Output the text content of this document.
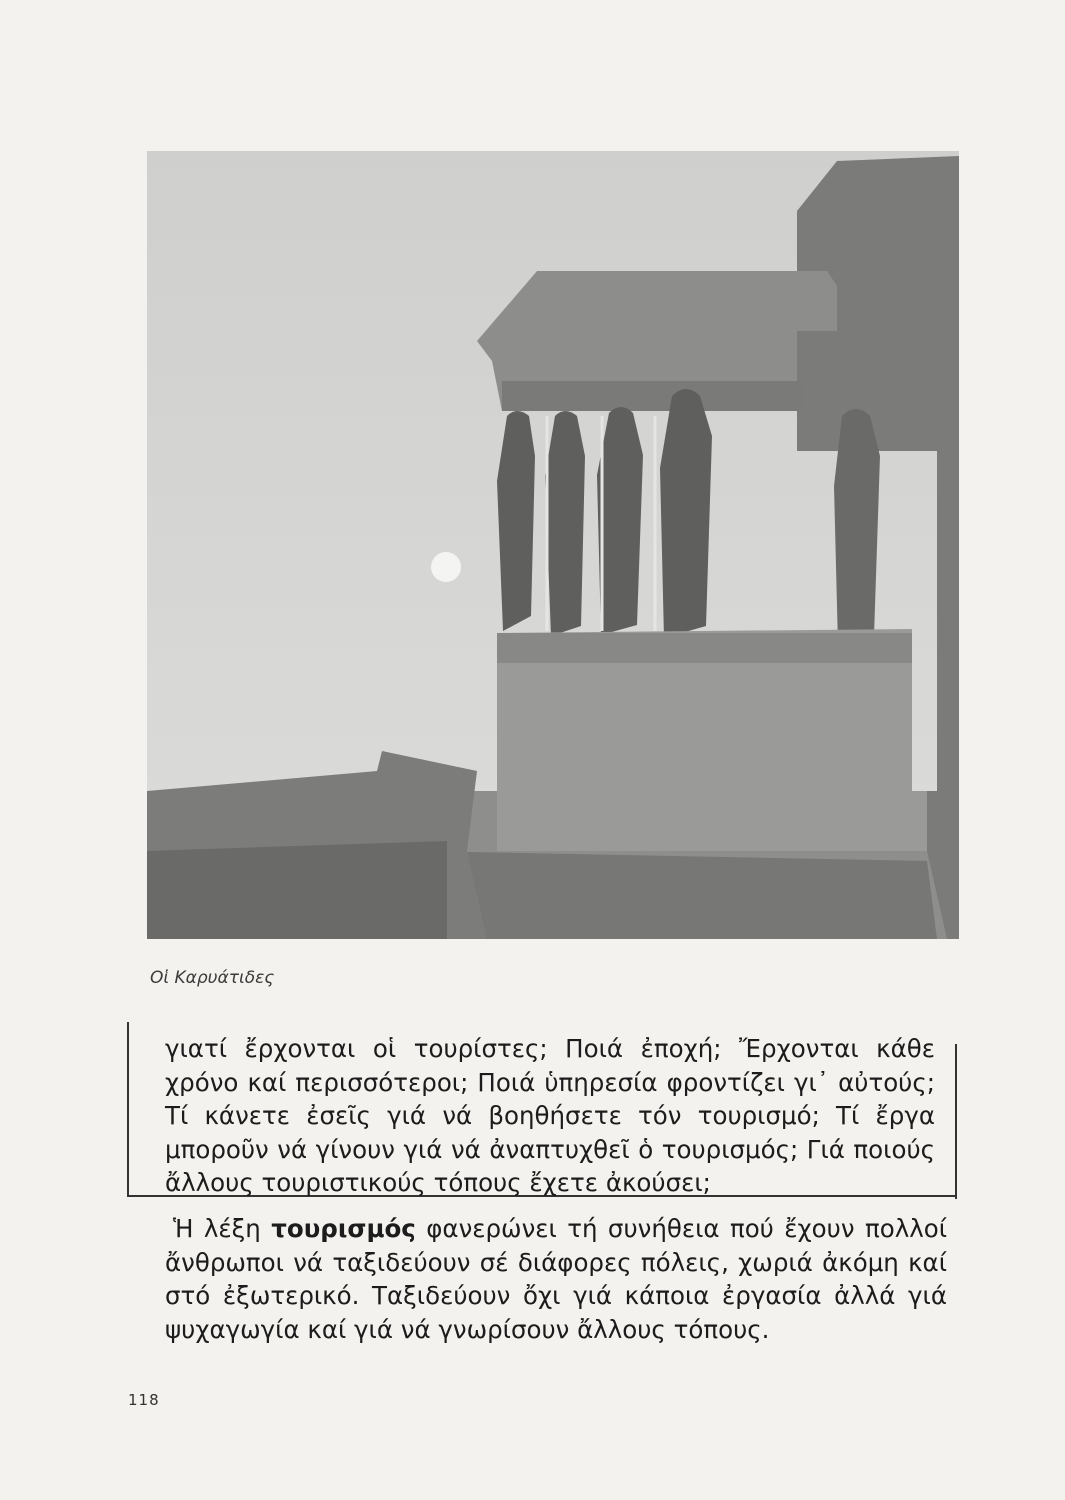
Οἱ Καρυάτιδες
γιατί ἔρχονται οἱ τουρίστες; Ποιά ἐποχή; Ἔρχονται κάθε χρόνο καί περισσότεροι; Ποιά ὑπηρεσία φροντίζει γι᾽ αὐτούς; Τί κάνετε ἐσεῖς γιά νά βοηθήσετε τόν τουρισμό; Τί ἔργα μποροῦν νά γίνουν γιά νά ἀναπτυχθεῖ ὁ τουρισμός; Γιά ποιούς ἄλλους τουριστικούς τόπους ἔχετε ἀκούσει;
Ἡ λέξη τουρισμός φανερώνει τή συνήθεια πού ἔχουν πολλοί ἄνθρωποι νά ταξιδεύουν σέ διάφορες πόλεις, χωριά ἀκόμη καί στό ἐξωτερικό. Ταξιδεύουν ὄχι γιά κάποια ἐργασία ἀλλά γιά ψυχαγωγία καί γιά νά γνωρίσουν ἄλλους τόπους.
118
